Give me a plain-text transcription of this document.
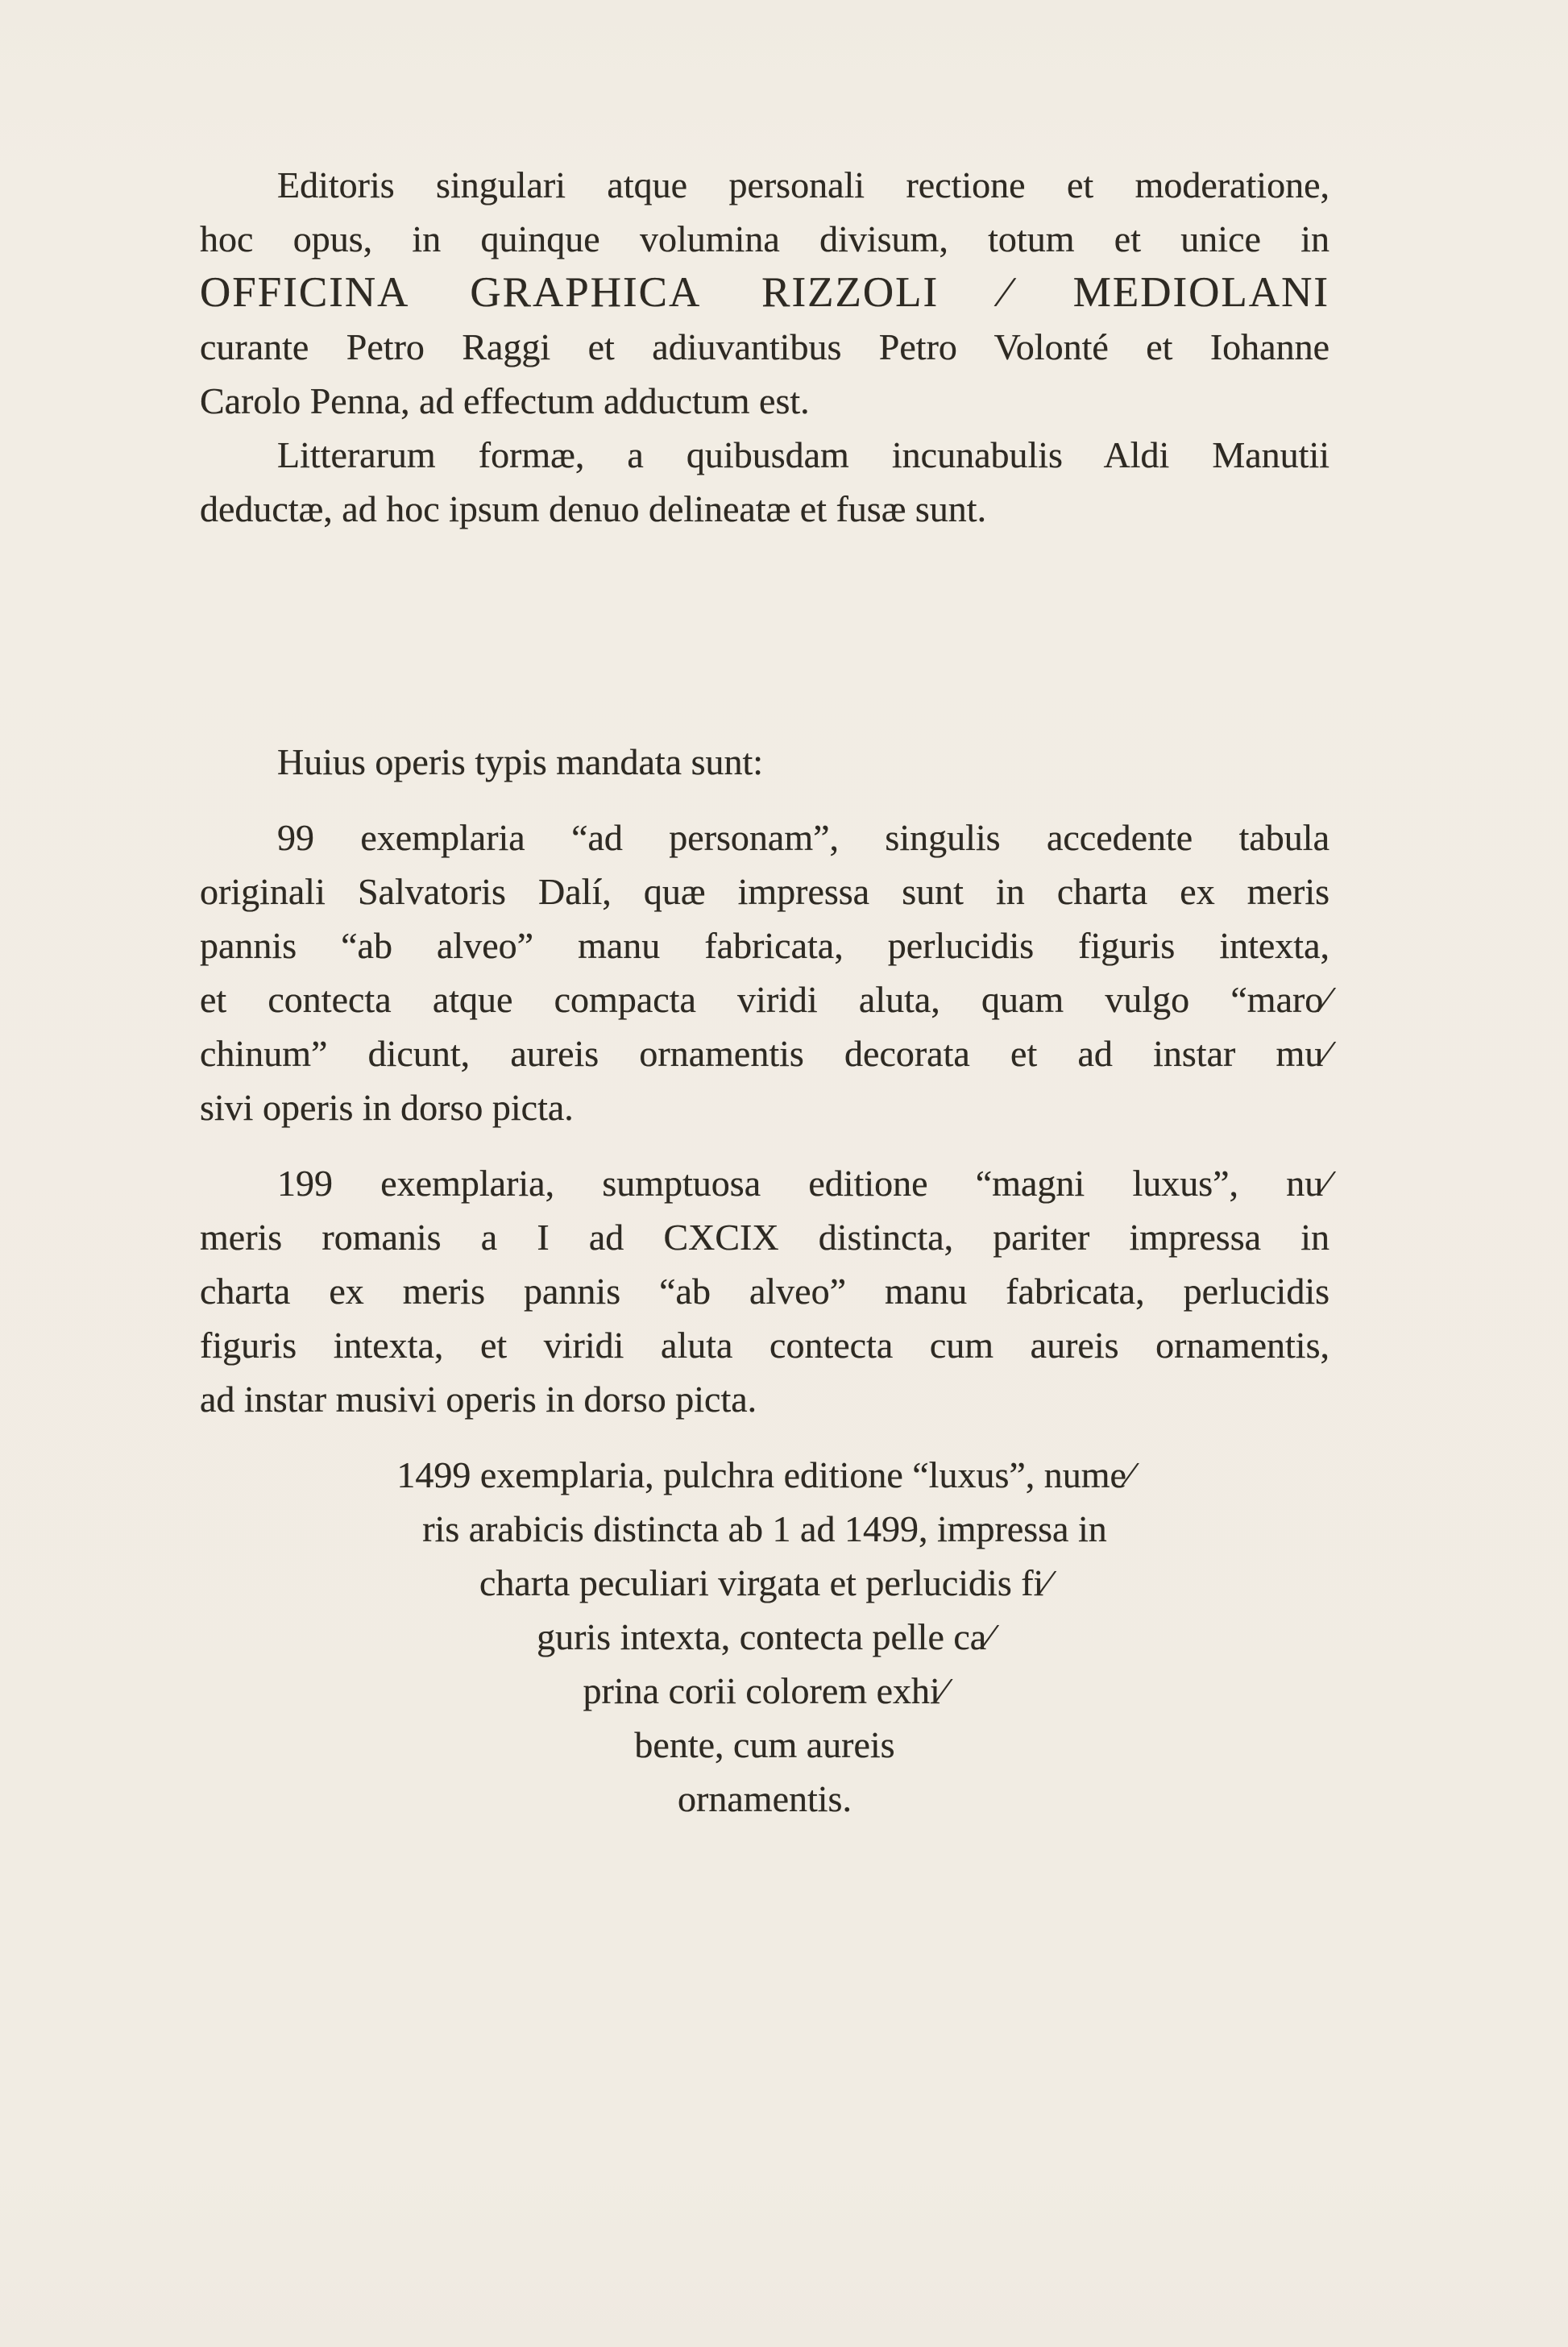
Editoris singulari atque personali rectione et moderatione,
hoc opus, in quinque volumina divisum, totum et unice in
OFFICINA GRAPHICA RIZZOLI ⁄ MEDIOLANI
curante Petro Raggi et adiuvantibus Petro Volonté et Iohanne
Carolo Penna, ad effectum adductum est.
Litterarum formæ, a quibusdam incunabulis Aldi Manutii
deductæ, ad hoc ipsum denuo delineatæ et fusæ sunt.
Huius operis typis mandata sunt:
99 exemplaria “ad personam”, singulis accedente tabula
originali Salvatoris Dalí, quæ impressa sunt in charta ex meris
pannis “ab alveo” manu fabricata, perlucidis figuris intexta,
et contecta atque compacta viridi aluta, quam vulgo “maro⁄
chinum” dicunt, aureis ornamentis decorata et ad instar mu⁄
sivi operis in dorso picta.
199 exemplaria, sumptuosa editione “magni luxus”, nu⁄
meris romanis a I ad CXCIX distincta, pariter impressa in
charta ex meris pannis “ab alveo” manu fabricata, perlucidis
figuris intexta, et viridi aluta contecta cum aureis ornamentis,
ad instar musivi operis in dorso picta.
1499 exemplaria, pulchra editione “luxus”, nume⁄
ris arabicis distincta ab 1 ad 1499, impressa in
charta peculiari virgata et perlucidis fi⁄
guris intexta, contecta pelle ca⁄
prina corii colorem exhi⁄
bente, cum aureis
ornamentis.
